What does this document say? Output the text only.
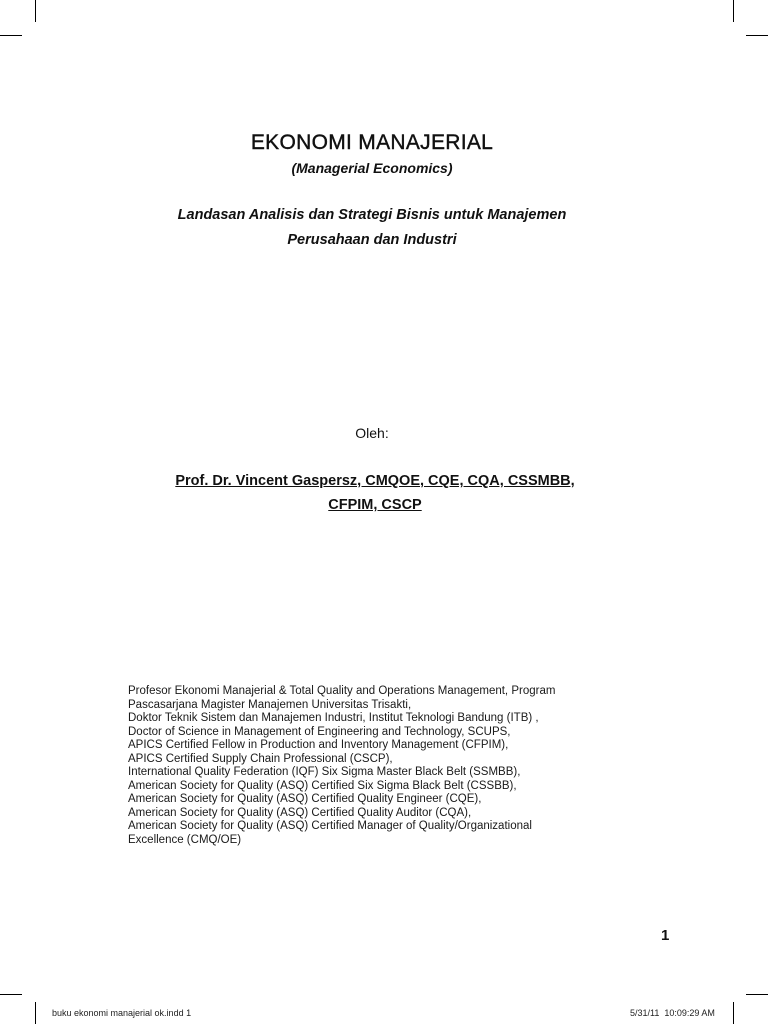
EKONOMI MANAJERIAL
(Managerial Economics)
Landasan Analisis dan Strategi Bisnis untuk Manajemen
Perusahaan dan Industri
Oleh:
Prof. Dr. Vincent Gaspersz, CMQOE, CQE, CQA, CSSMBB,
CFPIM, CSCP
Profesor Ekonomi Manajerial & Total Quality and Operations Management, Program
Pascasarjana Magister Manajemen Universitas Trisakti,
Doktor Teknik Sistem dan Manajemen Industri, Institut Teknologi Bandung (ITB) ,
Doctor of Science in Management of Engineering and Technology, SCUPS,
APICS Certified Fellow in Production and Inventory Management (CFPIM),
APICS Certified Supply Chain Professional (CSCP),
International Quality Federation (IQF) Six Sigma Master Black Belt (SSMBB),
American Society for Quality (ASQ) Certified Six Sigma Black Belt (CSSBB),
American Society for Quality (ASQ) Certified Quality Engineer (CQE),
American Society for Quality (ASQ) Certified Quality Auditor (CQA),
American Society for Quality (ASQ) Certified Manager of Quality/Organizational
Excellence (CMQ/OE)
1
buku ekonomi manajerial ok.indd 1	5/31/11 10:09:29 AM
